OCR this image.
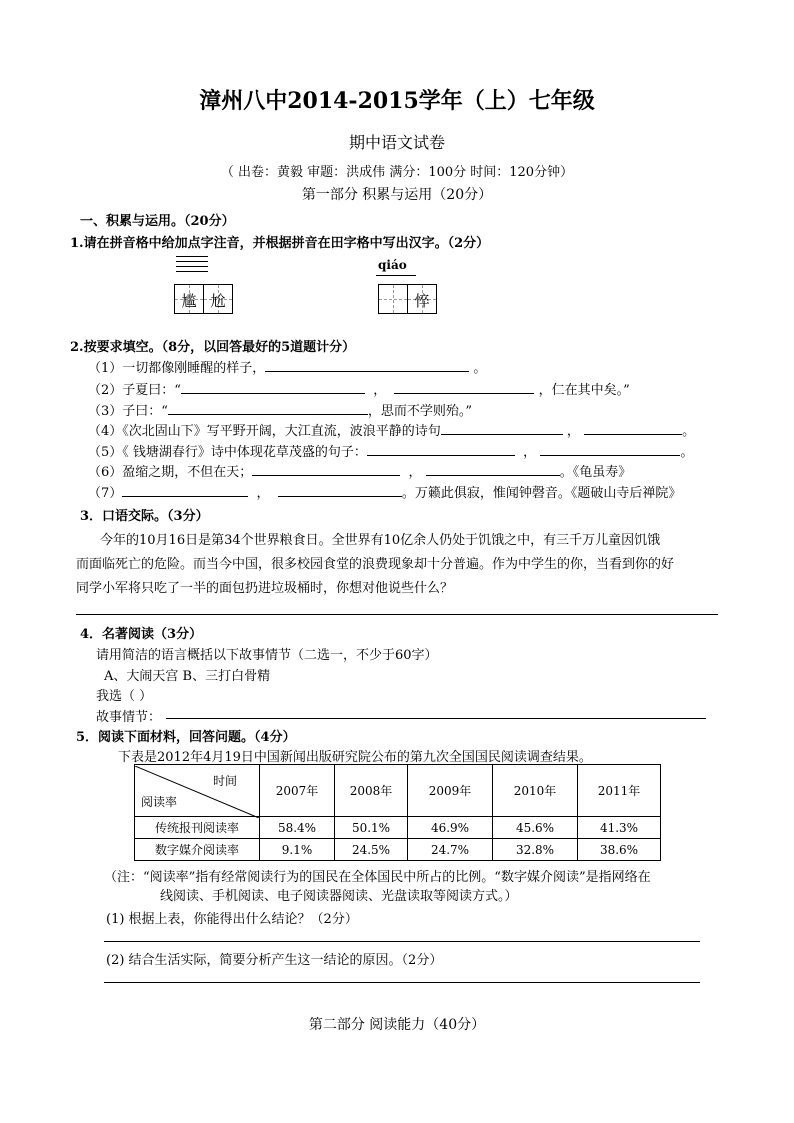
漳州八中2014-2015学年（上）七年级
期中语文试卷
（ 出卷：黄毅 审题：洪成伟 满分：100分 时间：120分钟）
第一部分 积累与运用（20分）
一、积累与运用。（20分）
1.请在拼音格中给加点字注音，并根据拼音在田字格中写出汉字。（2分）
尴 尬
qiáo
悴
2.按要求填空。（8分，以回答最好的5道题计分）
（1）一切都像刚睡醒的样子，	。
（2）子夏曰：“	，	，仁在其中矣。”
（3）子曰：“	，思而不学则殆。”
（4）《次北固山下》写平野开阔，大江直流，波浪平静的诗句	，	。
（5）《 钱塘湖春行》诗中体现花草茂盛的句子：	，	。
（6）盈缩之期，不但在天；	，	。《龟虽寿》
（7）	，	。万籁此俱寂，惟闻钟磬音。《题破山寺后禅院》
3．口语交际。（3分）
今年的10月16日是第34个世界粮食日。全世界有10亿余人仍处于饥饿之中，有三千万儿童因饥饿
而面临死亡的危险。而当今中国，很多校园食堂的浪费现象却十分普遍。作为中学生的你，当看到你的好
同学小军将只吃了一半的面包扔进垃圾桶时，你想对他说些什么？
4．名著阅读（3分）
请用简洁的语言概括以下故事情节（二选一，不少于60字）
A、大闹天宫 B、三打白骨精
我选（ ）
故事情节：
5．阅读下面材料，回答问题。（4分）
下表是2012年4月19日中国新闻出版研究院公布的第九次全国国民阅读调查结果。
时间
阅读率	2007年	2008年	2009年	2010年	2011年
传统报刊阅读率	58.4%	50.1%	46.9%	45.6%	41.3%
数字媒介阅读率	9.1%	24.5%	24.7%	32.8%	38.6%
（注：“阅读率”指有经常阅读行为的国民在全体国民中所占的比例。“数字媒介阅读”是指网络在
线阅读、手机阅读、电子阅读器阅读、光盘读取等阅读方式。）
(1) 根据上表，你能得出什么结论？（2分）
(2) 结合生活实际，简要分析产生这一结论的原因。（2分）
第二部分 阅读能力（40分）
